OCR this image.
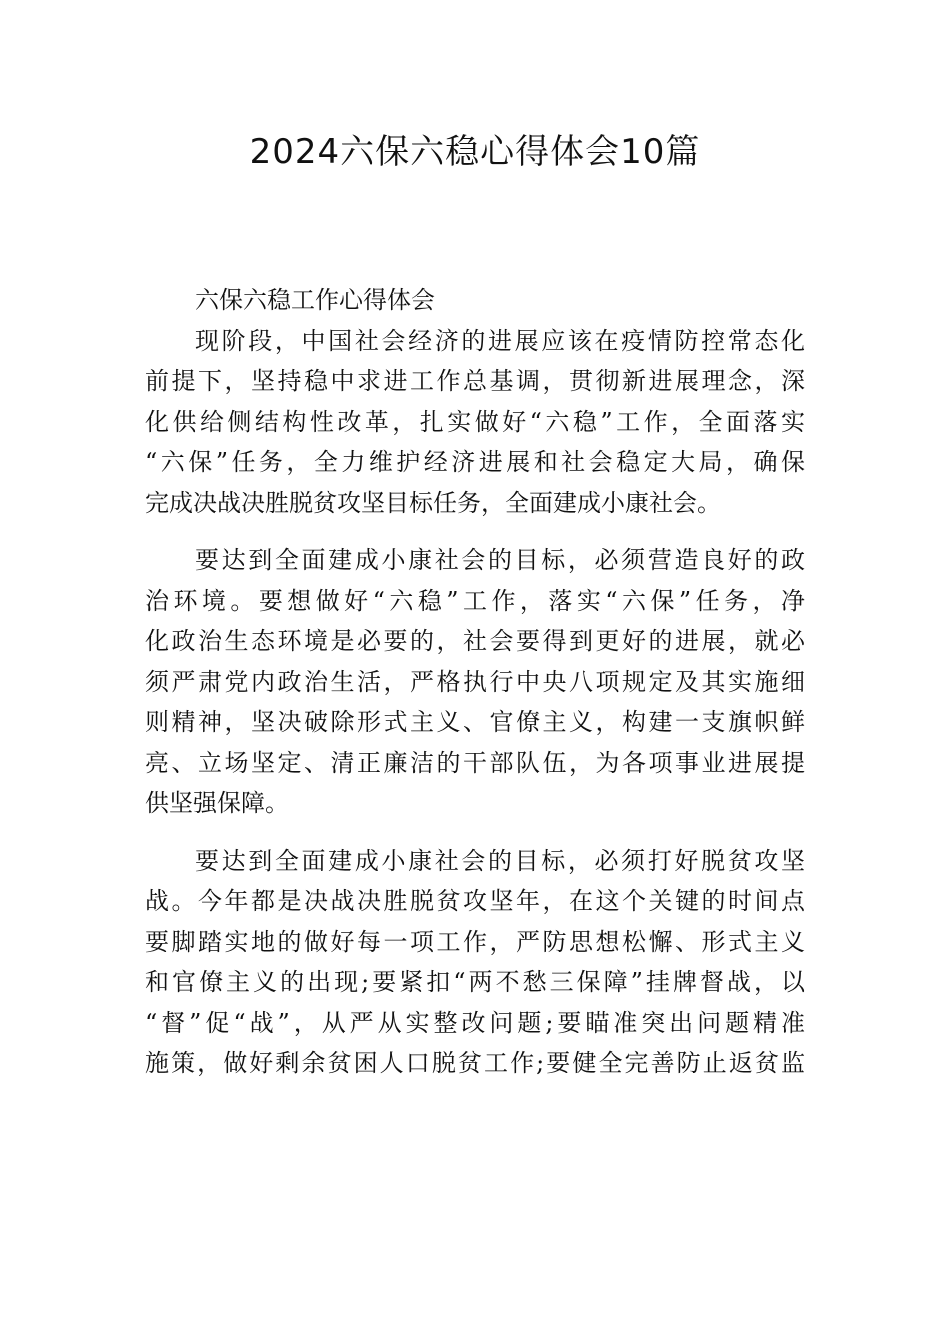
2024六保六稳心得体会10篇
六保六稳工作心得体会
现阶段，中国社会经济的进展应该在疫情防控常态化
前提下，坚持稳中求进工作总基调，贯彻新进展理念，深
化供给侧结构性改革，扎实做好“六稳”工作，全面落实
“六保”任务，全力维护经济进展和社会稳定大局，确保
完成决战决胜脱贫攻坚目标任务，全面建成小康社会。
要达到全面建成小康社会的目标，必须营造良好的政
治环境。要想做好“六稳”工作，落实“六保”任务，净
化政治生态环境是必要的，社会要得到更好的进展，就必
须严肃党内政治生活，严格执行中央八项规定及其实施细
则精神，坚决破除形式主义、官僚主义，构建一支旗帜鲜
亮、立场坚定、清正廉洁的干部队伍，为各项事业进展提
供坚强保障。
要达到全面建成小康社会的目标，必须打好脱贫攻坚
战。今年都是决战决胜脱贫攻坚年，在这个关键的时间点
要脚踏实地的做好每一项工作，严防思想松懈、形式主义
和官僚主义的出现;要紧扣“两不愁三保障”挂牌督战，以
“督”促“战”，从严从实整改问题;要瞄准突出问题精准
施策，做好剩余贫困人口脱贫工作;要健全完善防止返贫监
